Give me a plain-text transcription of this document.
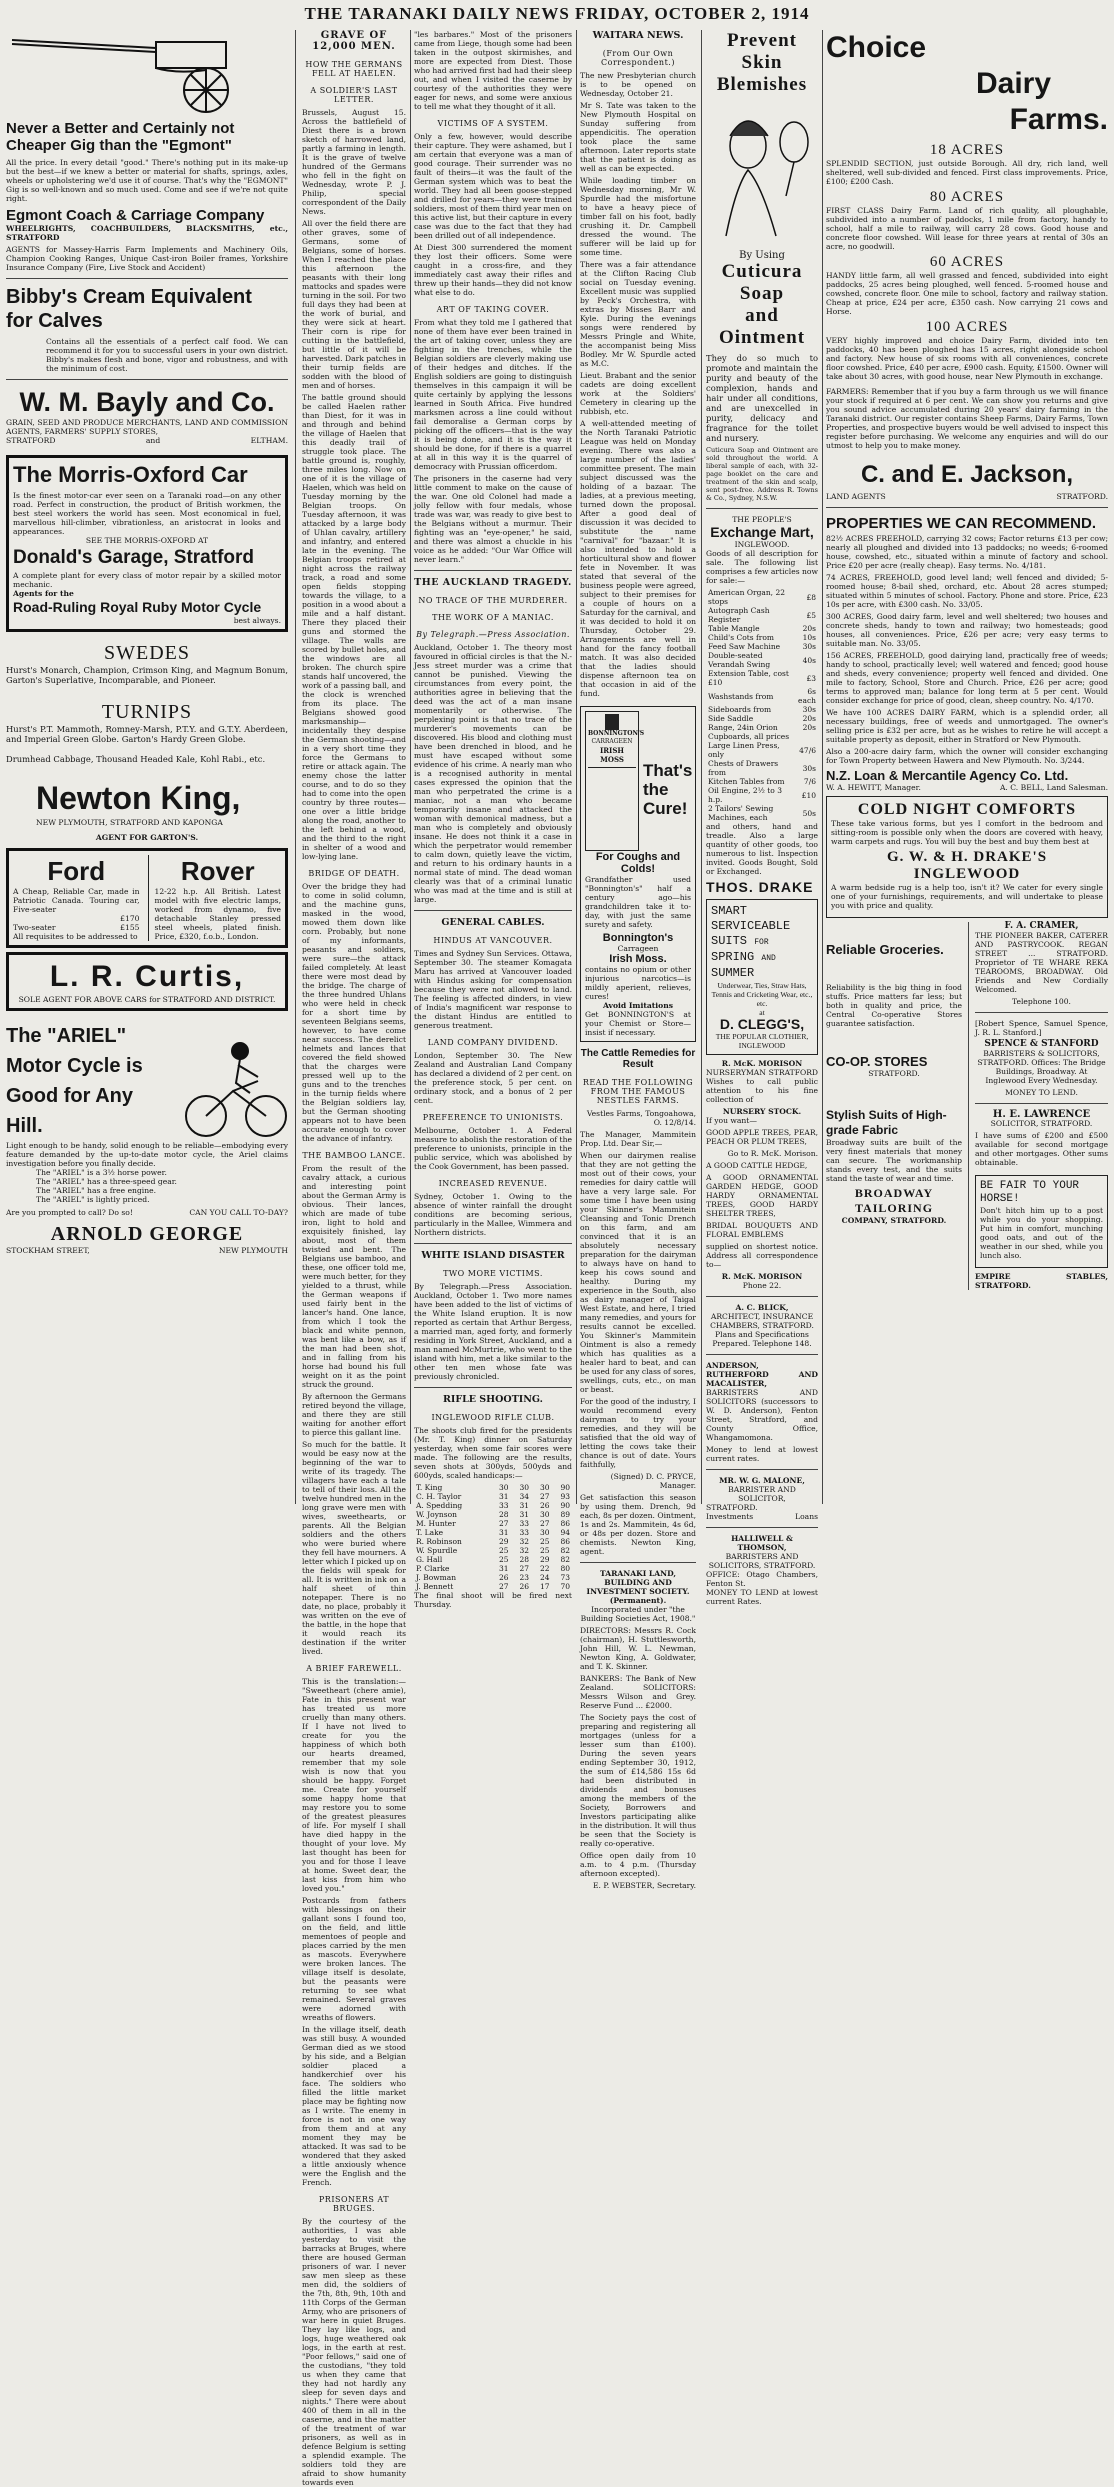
THE TARANAKI DAILY NEWS FRIDAY, OCTOBER 2, 1914
Never a Better and Certainly not
Cheaper Gig than the "Egmont"
All the price. In every detail "good." There's nothing put in its make-up but the best—if we knew a better or material for shafts, springs, axles, wheels or upholstering we'd use it of course. That's why the "EGMONT" Gig is so well-known and so much used. Come and see if we're not quite right.
Egmont Coach & Carriage Company
WHEELRIGHTS, COACHBUILDERS, BLACKSMITHS, etc., STRATFORD
AGENTS for Massey-Harris Farm Implements and Machinery Oils, Champion Cooking Ranges, Unique Cast-iron Boiler frames, Yorkshire Insurance Company (Fire, Live Stock and Accident)
Bibby's Cream Equivalent
for Calves
Contains all the essentials of a perfect calf food. We can recommend it for you to successful users in your own district. Bibby's makes flesh and bone, vigor and robustness, and with the minimum of cost.
W. M. Bayly and Co.
GRAIN, SEED AND PRODUCE MERCHANTS, LAND AND COMMISSION AGENTS, FARMERS' SUPPLY STORES,
STRATFORD	and	ELTHAM.
The Morris-Oxford Car
Is the finest motor-car ever seen on a Taranaki road—on any other road. Perfect in construction, the product of British workmen, the best steel workers the world has seen. Most economical in fuel, marvellous hill-climber, vibrationless, an aristocrat in looks and appearances.
SEE THE MORRIS-OXFORD AT
Donald's Garage, Stratford
A complete plant for every class of motor repair by a skilled motor mechanic.
Agents for the
Road-Ruling Royal Ruby Motor Cycle
best always.
SWEDES
Hurst's Monarch, Champion, Crimson King, and Magnum Bonum, Garton's Superlative, Incomparable, and Pioneer.
TURNIPS
Hurst's P.T. Mammoth, Romney-Marsh, P.T.Y. and G.T.Y. Aberdeen, and Imperial Green Globe. Garton's Hardy Green Globe.
Drumhead Cabbage, Thousand Headed Kale, Kohl Rabi., etc.
Newton King,
NEW PLYMOUTH, STRATFORD AND KAPONGA
AGENT FOR GARTON'S.
Ford
A Cheap, Reliable Car, made in Patriotic Canada. Touring car, Five-seater
£170
Two-seater	£155
All requisites to be addressed to
Rover
12-22 h.p. All British. Latest model with five electric lamps, worked from dynamo, five detachable Stanley pressed steel wheels, plated finish. Price, £320, f.o.b., London.
L. R. Curtis,
SOLE AGENT FOR ABOVE CARS for STRATFORD AND DISTRICT.
The "ARIEL"
Motor Cycle is
Good for Any
Hill.
Light enough to be handy, solid enough to be reliable—embodying every feature demanded by the up-to-date motor cycle, the Ariel claims investigation before you finally decide.
The "ARIEL" is a 3½ horse power.
The "ARIEL" has a three-speed gear.
The "ARIEL" has a free engine.
The "ARIEL" is lightly priced.
Are you prompted to call? Do so!	CAN YOU CALL TO-DAY?
ARNOLD GEORGE
STOCKHAM STREET,	NEW PLYMOUTH
GRAVE OF 12,000 MEN.
HOW THE GERMANS FELL AT HAELEN.
A SOLDIER'S LAST LETTER.

Brussels, August 15. Across the battlefield of Diest there is a brown sketch of harrowed land, partly a farming in length. It is the grave of twelve hundred of the Germans who fell in the fight on Wednesday, wrote P. J. Philip, special correspondent of the Daily News.

All over the field there are other graves, some of Germans, some of Belgians, some of horses. When I reached the place this afternoon the peasants with their long mattocks and spades were turning in the soil. For two full days they had been at the work of burial, and they were sick at heart. Their corn is ripe for cutting in the battlefield, but little of it will be harvested. Dark patches in their turnip fields are sodden with the blood of men and of horses.

The battle ground should be called Haelen rather than Diest, for it was in and through and behind the village of Haelen that this deadly trail of struggle took place. The battle ground is, roughly, three miles long. Now on one of it is the village of Haelen, which was held on Tuesday morning by the Belgian troops. On Tuesday afternoon, it was attacked by a large body of Uhlan cavalry, artillery and infantry, and entered late in the evening. The Belgian troops retired at night across the railway track, a road and some open fields stopping towards the village, to a position in a wood about a mile and a half distant. There they placed their guns and stormed the village. The walls are scored by bullet holes, and the windows are all broken. The church spire stands half uncovered, the work of a passing ball, and the clock is wrenched from its place. The Belgians showed good marksmanship—incidentally they despise the German shooting—and in a very short time they force the Germans to retire or attack again. The enemy chose the latter course, and to do so they had to come into the open country by three routes—one over a little bridge along the road, another to the left behind a wood, and the third to the right in shelter of a wood and low-lying lane.

BRIDGE OF DEATH.

Over the bridge they had to come in solid column, and the machine guns, masked in the wood, mowed them down like corn. Probably, but none of my informants, peasants and soldiers, were sure—the attack failed completely. At least there were most dead by the bridge. The charge of the three hundred Uhlans who were held in check for a short time by seventeen Belgians seems, however, to have come near success. The derelict helmets and lances that covered the field showed that the charges were pressed well up to the guns and to the trenches in the turnip fields where the Belgian soldiers lay, but the German shooting appears not to have been accurate enough to cover the advance of infantry.

THE BAMBOO LANCE.

From the result of the cavalry attack, a curious and interesting point about the German Army is obvious. Their lances, which are made of tube iron, light to hold and exquisitely finished, lay about, most of them twisted and bent. The Belgians use bamboo, and these, one officer told me, were much better, for they yielded to a thrust, while the German weapons if used fairly bent in the lancer's hand. One lance, from which I took the black and white pennon, was bent like a bow, as if the man had been shot, and in falling from his horse had bound his full weight on it as the point struck the ground.

By afternoon the Germans retired beyond the village, and there they are still waiting for another effort to pierce this gallant line.

So much for the battle. It would be easy now at the beginning of the war to write of its tragedy. The villagers have each a tale to tell of their loss. All the twelve hundred men in the long grave were men with wives, sweethearts, or parents. All the Belgian soldiers and the others who were buried where they fell have mourners. A letter which I picked up on the fields will speak for all. It is written in ink on a half sheet of thin notepaper. There is no date, no place, probably it was written on the eve of the battle, in the hope that it would reach its destination if the writer lived.

A BRIEF FAREWELL.

This is the translation:— "Sweetheart (chere amie), Fate in this present war has treated us more cruelly than many others. If I have not lived to create for you the happiness of which both our hearts dreamed, remember that my sole wish is now that you should be happy. Forget me. Create for yourself some happy home that may restore you to some of the greatest pleasures of life. For myself I shall have died happy in the thought of your love. My last thought has been for you and for those I leave at home. Sweet dear, the last kiss from him who loved you."

Postcards from fathers with blessings on their gallant sons I found too, on the field, and little mementoes of people and places carried by the men as mascots. Everywhere were broken lances. The village itself is desolate, but the peasants were returning to see what remained. Several graves were adorned with wreaths of flowers.

In the village itself, death was still busy. A wounded German died as we stood by his side, and a Belgian soldier placed a handkerchief over his face. The soldiers who filled the little market place may be fighting now as I write. The enemy in force is not in one way from them and at any moment they may be attacked. It was sad to be wondered that they asked a little anxiously whence were the English and the French.

PRISONERS AT BRUGES.

By the courtesy of the authorities, I was able yesterday to visit the barracks at Bruges, where there are housed German prisoners of war. I never saw men sleep as these men did, the soldiers of the 7th, 8th, 9th, 10th and 11th Corps of the German Army, who are prisoners of war here in quiet Bruges. They lay like logs, and logs, huge weathered oak logs, in the earth at rest. "Poor fellows," said one of the custodians, "they told us when they came that they had not hardly any sleep for seven days and nights." There were about 400 of them in all in the caserne, and in the matter of the treatment of war prisoners, as well as in defence Belgium is setting a splendid example. The soldiers told they are afraid to show humanity towards even

"les barbares." Most of the prisoners came from Liege, though some had been taken in the outpost skirmishes, and more are expected from Diest. Those who had arrived first had had their sleep out, and when I visited the caserne by courtesy of the authorities they were eager for news, and some were anxious to tell me what they thought of it all.

VICTIMS OF A SYSTEM.

Only a few, however, would describe their capture. They were ashamed, but I am certain that everyone was a man of good courage. Their surrender was no fault of theirs—it was the fault of the German system which was to beat the world. They had all been goose-stepped and drilled for years—they were trained soldiers, most of them third year men on this active list, but their capture in every case was due to the fact that they had been drilled out of all independence.

At Diest 300 surrendered the moment they lost their officers. Some were caught in a cross-fire, and they immediately cast away their rifles and threw up their hands—they did not know what else to do.

ART OF TAKING COVER.

From what they told me I gathered that none of them have ever been trained in the art of taking cover, unless they are fighting in the trenches, while the Belgian soldiers are cleverly making use of their hedges and ditches. If the English soldiers are going to distinguish themselves in this campaign it will be quite certainly by applying the lessons learned in South Africa. Five hundred marksmen across a line could without fail demoralise a German corps by picking off the officers—that is the way it is being done, and it is the way it should be done, for if there is a quarrel at all in this way it is the quarrel of democracy with Prussian officerdom.

The prisoners in the caserne had very little comment to make on the cause of the war. One old Colonel had made a jolly fellow with four medals, whose trade was war, was ready to give best to the Belgians without a murmur. Their fighting was an "eye-opener," he said, and there was almost a chuckle in his voice as he added: "Our War Office will never learn."

THE AUCKLAND TRAGEDY.
NO TRACE OF THE MURDERER.
THE WORK OF A MANIAC.
By Telegraph.—Press Association.

Auckland, October 1. The theory most favoured in official circles is that the N.-Jess street murder was a crime that cannot be punished. Viewing the circumstances from every point, the authorities agree in believing that the deed was the act of a man insane momentarily or otherwise. The perplexing point is that no trace of the murderer's movements can be discovered. His blood and clothing must have been drenched in blood, and he must have escaped without some evidence of his crime. A nearly man who is a recognised authority in mental cases expressed the opinion that the man who perpetrated the crime is a maniac, not a man who became temporarily insane and attacked the woman with demonical madness, but a man who is completely and obviously insane. He does not think it a case in which the perpetrator would remember to calm down, quietly leave the victim, and return to his ordinary haunts in a normal state of mind. The dead woman clearly was that of a criminal lunatic who was mad at the time and is still at large.

GENERAL CABLES.
HINDUS AT VANCOUVER.

Times and Sydney Sun Services. Ottawa, September 30. The steamer Komagata Maru has arrived at Vancouver loaded with Hindus asking for compensation because they were not allowed to land. The feeling is affected dinders, in view of India's magnificent war response to the distant Hindus are entitled to generous treatment.

LAND COMPANY DIVIDEND.

London, September 30. The New Zealand and Australian Land Company has declared a dividend of 2 per cent. on the preference stock, 5 per cent. on ordinary stock, and a bonus of 2 per cent.

PREFERENCE TO UNIONISTS.

Melbourne, October 1. A Federal measure to abolish the restoration of the preference to unionists, principle in the public service, which was abolished by the Cook Government, has been passed.

INCREASED REVENUE.

Sydney, October 1. Owing to the absence of winter rainfall the drought conditions are becoming serious, particularly in the Mallee, Wimmera and Northern districts.

WHITE ISLAND DISASTER
TWO MORE VICTIMS.

By Telegraph.—Press Association. Auckland, October 1. Two more names have been added to the list of victims of the White Island eruption. It is now reported as certain that Arthur Bergess, a married man, aged forty, and formerly residing in York Street, Auckland, and a man named McMurtrie, who went to the island with him, met a like similar to the other ten men whose fate was previously chronicled.

RIFLE SHOOTING.
INGLEWOOD RIFLE CLUB.

The shoots club fired for the presidents (Mr. T. King) dinner on Saturday yesterday, when some fair scores were made. The following are the results, seven shots at 300yds, 500yds and 600yds, scaled handicaps:—

T. King	30	30	30	90
C. H. Taylor	31	34	27	93
A. Spedding	33	31	26	90
W. Joynson	28	31	30	89
M. Hunter	27	33	27	86
T. Lake	31	33	30	94
R. Robinson	29	32	25	86
W. Spurdle	25	32	25	82
G. Hall	25	28	29	82
P. Clarke	31	27	22	80
J. Bowman	26	23	24	73
J. Bennett	27	26	17	70

The final shoot will be fired next Thursday.

WAITARA NEWS.
(From Our Own Correspondent.)

The new Presbyterian church is to be opened on Wednesday, October 21.

Mr S. Tate was taken to the New Plymouth Hospital on Sunday suffering from appendicitis. The operation took place the same afternoon. Later reports state that the patient is doing as well as can be expected.

While loading timber on Wednesday morning, Mr W. Spurdle had the misfortune to have a heavy piece of timber fall on his foot, badly crushing it. Dr. Campbell dressed the wound. The sufferer will be laid up for some time.

There was a fair attendance at the Clifton Racing Club social on Tuesday evening. Excellent music was supplied by Peck's Orchestra, with extras by Misses Barr and Kyle. During the evenings songs were rendered by Messrs Pringle and White, the accompanist being Miss Bodley. Mr W. Spurdle acted as M.C.

Lieut. Brabant and the senior cadets are doing excellent work at the Soldiers' Cemetery in clearing up the rubbish, etc.

A well-attended meeting of the North Taranaki Patriotic League was held on Monday evening. There was also a large number of the ladies' committee present. The main subject discussed was the holding of a bazaar. The ladies, at a previous meeting, turned down the proposal. After a good deal of discussion it was decided to substitute the name "carnival" for "bazaar." It is also intended to hold a horticultural show and flower fete in November. It was stated that several of the business people were agreed, subject to their premises for a couple of hours on a Saturday for the carnival, and it was decided to hold it on Thursday, October 29. Arrangements are well in hand for the fancy football match. It was also decided that the ladies should dispense afternoon tea on that occasion in aid of the fund.

BONNINGTON'S
CARRAGEEN
IRISH MOSS
That's
the Cure!
For Coughs and
Colds!
Grandfather used "Bonnington's" half a century ago—his grandchildren take it to-day, with just the same surety and safety.
Bonnington's
Carrageen
Irish Moss.
contains no opium or other injurious narcotics—is mildly aperient, relieves, cures!
Avoid Imitations
Get BONNINGTON'S at your Chemist or Store—insist if necessary.
The Cattle Remedies for Result
READ THE FOLLOWING FROM THE FAMOUS NESTLES FARMS.

Vestles Farms, Tongoahowa, O. 12/8/14.

The Manager, Mammitein Prop. Ltd. Dear Sir,—

When our dairymen realise that they are not getting the most out of their cows, your remedies for dairy cattle will have a very large sale. For some time I have been using your Skinner's Mammitein Cleansing and Tonic Drench on this farm, and am convinced that it is an absolutely necessary preparation for the dairyman to always have on hand to keep his cows sound and healthy. During my experience in the South, also as dairy manager of Taigal West Estate, and here, I tried many remedies, and yours for results cannot be excelled. You Skinner's Mammitein Ointment is also a remedy which has qualities as a healer hard to beat, and can be used for any class of sores, swellings, cuts, etc., on man or beast.

For the good of the industry, I would recommend every dairyman to try your remedies, and they will be satisfied that the old way of letting the cows take their chance is out of date. Yours faithfully,

(Signed) D. C. PRYCE, Manager.

Get satisfaction this season by using them. Drench, 9d each, 8s per dozen. Ointment, 1s and 2s. Mammitein, 4s 6d, or 48s per dozen. Store and chemists. Newton King, agent.

TARANAKI LAND, BUILDING AND INVESTMENT SOCIETY. (Permanent).

Incorporated under "the Building Societies Act, 1908."

DIRECTORS: Messrs R. Cock (chairman), H. Stuttlesworth, John Hill, W. L. Newman, Newton King, A. Goldwater, and T. K. Skinner.

BANKERS: The Bank of New Zealand. SOLICITORS: Messrs Wilson and Grey. Reserve Fund ... £2000.

The Society pays the cost of preparing and registering all mortgages (unless for a lesser sum than £100). During the seven years ending September 30, 1912, the sum of £14,586 15s 6d had been distributed in dividends and bonuses among the members of the Society, Borrowers and Investors participating alike in the distribution. It will thus be seen that the Society is really co-operative.

Office open daily from 10 a.m. to 4 p.m. (Thursday afternoon excepted).

E. P. WEBSTER, Secretary.

Prevent Skin
Blemishes
By Using
Cuticura Soap
and Ointment

They do so much to promote and maintain the purity and beauty of the complexion, hands and hair under all conditions, and are unexcelled in purity, delicacy and fragrance for the toilet and nursery.

Cuticura Soap and Ointment are sold throughout the world. A liberal sample of each, with 32-page booklet on the care and treatment of the skin and scalp, sent post-free. Address R. Towns & Co., Sydney, N.S.W.

THE PEOPLE'S
Exchange Mart,
INGLEWOOD.

Goods of all description for sale. The following list comprises a few articles now for sale:—

American Organ, 22 stops	£8
Autograph Cash Register	£5
Table Mangle	20s
Child's Cots from	10s
Feed Saw Machine	30s
Double-seated Verandah Swing	40s
Extension Table, cost £10	£3
Washstands from	6s each
Sideboards from	30s
Side Saddle	20s
Range, 24in Orion	20s
Cupboards, all prices	
Large Linen Press, only	47/6
Chests of Drawers from	30s
Kitchen Tables from	7/6
Oil Engine, 2½ to 3 h.p.	£10
2 Tailors' Sewing Machines, each	50s

and others, hand and treadle. Also a large quantity of other goods, too numerous to list. Inspection invited. Goods Bought, Sold or Exchanged.

THOS. DRAKE
SMART
SERVICEABLE
SUITS FOR
SPRING AND
SUMMER
Underwear, Ties, Straw Hats, Tennis and Cricketing Wear, etc., etc.
at
D. CLEGG'S,
THE POPULAR CLOTHIER, INGLEWOOD
R. McK. MORISON
NURSERYMAN STRATFORD

Wishes to call public attention to his fine collection of

NURSERY STOCK.

If you want—

GOOD APPLE TREES, PEAR, PEACH OR PLUM TREES,

Go to R. McK. Morison.

A GOOD CATTLE HEDGE,

A GOOD ORNAMENTAL GARDEN HEDGE, GOOD HARDY ORNAMENTAL TREES, GOOD HARDY SHELTER TREES,

BRIDAL BOUQUETS AND FLORAL EMBLEMS

supplied on shortest notice. Address all correspondence to—

R. McK. MORISON
Phone 22.
A. C. BLICK,
ARCHITECT, INSURANCE CHAMBERS, STRATFORD.
Plans and Specifications Prepared. Telephone 148.
ANDERSON, RUTHERFORD AND MACALISTER,

BARRISTERS AND SOLICITORS (successors to W. D. Anderson), Fenton Street, Stratford, and County Office, Whangamomona.

Money to lend at lowest current rates.

MR. W. G. MALONE,
BARRISTER AND SOLICITOR,
STRATFORD.
Investments	Loans
HALLIWELL & THOMSON,
BARRISTERS AND SOLICITORS, STRATFORD.
OFFICE: Otago Chambers, Fenton St.
MONEY TO LEND at lowest current Rates.
Choice
Dairy
Farms.
18 ACRES

SPLENDID SECTION, just outside Borough. All dry, rich land, well sheltered, well sub-divided and fenced. First class improvements. Price, £100; £200 Cash.

80 ACRES

FIRST CLASS Dairy Farm. Land of rich quality, all ploughable, subdivided into a number of paddocks, 1 mile from factory, handy to school, half a mile to railway, will carry 28 cows. Good house and concrete floor cowshed. Will lease for three years at rental of 30s an acre, no goodwill.

60 ACRES

HANDY little farm, all well grassed and fenced, subdivided into eight paddocks, 25 acres being ploughed, well fenced. 5-roomed house and cowshed, concrete floor. One mile to school, factory and railway station. Cheap at price, £24 per acre, £350 cash. Now carrying 21 cows and Horse.

100 ACRES

VERY highly improved and choice Dairy Farm, divided into ten paddocks, 40 has been ploughed has 15 acres, right alongside school and factory. New house of six rooms with all conveniences, concrete floor cowshed. Price, £40 per acre, £900 cash. Equity, £1500. Owner will take about 30 acres, with good house, near New Plymouth in exchange.

FARMERS: Remember that if you buy a farm through us we will finance your stock if required at 6 per cent. We can show you returns and give you sound advice accumulated during 20 years' dairy farming in the Taranaki district. Our register contains Sheep Farms, Dairy Farms, Town Properties, and prospective buyers would be well advised to inspect this register before purchasing. We welcome any enquiries and will do our utmost to help you to make money.

C. and E. Jackson,
LAND AGENTS	STRATFORD.
PROPERTIES WE CAN RECOMMEND.

82½ ACRES FREEHOLD, carrying 32 cows; Factor returns £13 per cow; nearly all ploughed and divided into 13 paddocks; no weeds; 6-roomed house, cowshed, etc., situated within a minute of factory and school. Price £20 per acre (really cheap). Easy terms. No. 4/181.

74 ACRES, FREEHOLD, good level land; well fenced and divided; 5-roomed house; 8-bail shed, orchard, etc. About 28 acres stumped; situated within 5 minutes of school. Factory. Phone and store. Price, £23 10s per acre, with £300 cash. No. 33/05.

300 ACRES, Good dairy farm, level and well sheltered; two houses and concrete sheds, handy to town and railway; two homesteads; good houses, all conveniences. Price, £26 per acre; very easy terms to suitable man. No. 33/05.

156 ACRES, FREEHOLD, good dairying land, practically free of weeds; handy to school, practically level; well watered and fenced; good house and sheds, every convenience; property well fenced and divided. One mile to factory, School, Store and Church. Price, £26 per acre; good terms to approved man; balance for long term at 5 per cent. Would consider exchange for price of good, clean, sheep country. No. 4/170.

We have 100 ACRES DAIRY FARM, which is a splendid order, all necessary buildings, free of weeds and unmortgaged. The owner's selling price is £32 per acre, but as he wishes to retire he will accept a suitable property as deposit, either in Stratford or New Plymouth.

Also a 200-acre dairy farm, which the owner will consider exchanging for Town Property between Hawera and New Plymouth. No. 3/244.

N.Z. Loan & Mercantile Agency Co. Ltd.
W. A. HEWITT, Manager.	A. C. BELL, Land Salesman.
COLD NIGHT COMFORTS

These take various forms, but yes I comfort in the bedroom and sitting-room is possible only when the doors are covered with heavy, warm carpets and rugs. You will buy the best and buy them best at

G. W. & H. DRAKE'S
INGLEWOOD

A warm bedside rug is a help too, isn't it? We cater for every single one of your furnishings, requirements, and will undertake to please you with price and quality.

Reliable Groceries.

Reliability is the big thing in food stuffs. Price matters far less; but both in quality and price, the Central Co-operative Stores guarantee satisfaction.

CO-OP. STORES
STRATFORD.
Stylish Suits of High-grade Fabric

Broadway suits are built of the very finest materials that money can secure. The workmanship stands every test, and the suits stand the taste of wear and time.

BROADWAY TAILORING
COMPANY, STRATFORD.
F. A. CRAMER,

THE PIONEER BAKER, CATERER AND PASTRYCOOK. REGAN STREET ... STRATFORD. Proprietor of TE WHARE REKA TEAROOMS, BROADWAY. Old Friends and New Cordially Welcomed.

Telephone 100.

[Robert Spence, Samuel Spence, J. R. L. Stanford.]

SPENCE & STANFORD

BARRISTERS & SOLICITORS, STRATFORD. Offices: The Bridge Buildings, Broadway. At Inglewood Every Wednesday.

MONEY TO LEND.

H. E. LAWRENCE

SOLICITOR, STRATFORD.

I have sums of £200 and £500 available for second mortgage and other mortgages. Other sums obtainable.

BE FAIR TO YOUR HORSE!

Don't hitch him up to a post while you do your shopping. Put him in comfort, munching good oats, and out of the weather in our shed, while you lunch also.

EMPIRE STABLES, STRATFORD.
